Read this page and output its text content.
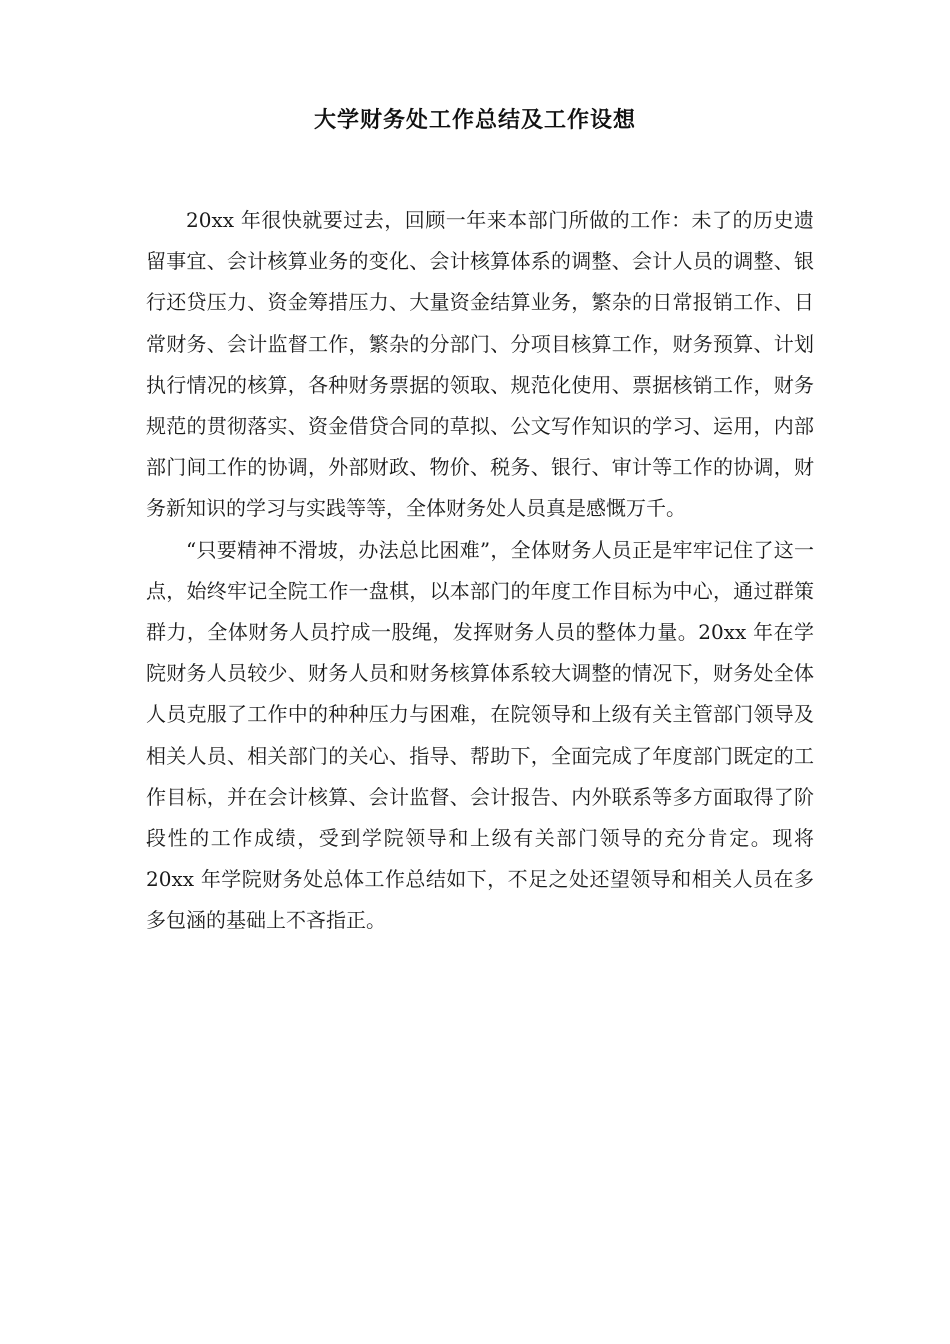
大学财务处工作总结及工作设想

20xx 年很快就要过去，回顾一年来本部门所做的工作：未了的历史遗留事宜、会计核算业务的变化、会计核算体系的调整、会计人员的调整、银行还贷压力、资金筹措压力、大量资金结算业务，繁杂的日常报销工作、日常财务、会计监督工作，繁杂的分部门、分项目核算工作，财务预算、计划执行情况的核算，各种财务票据的领取、规范化使用、票据核销工作，财务规范的贯彻落实、资金借贷合同的草拟、公文写作知识的学习、运用，内部部门间工作的协调，外部财政、物价、税务、银行、审计等工作的协调，财务新知识的学习与实践等等，全体财务处人员真是感慨万千。

“只要精神不滑坡，办法总比困难”，全体财务人员正是牢牢记住了这一点，始终牢记全院工作一盘棋，以本部门的年度工作目标为中心，通过群策群力，全体财务人员拧成一股绳，发挥财务人员的整体力量。20xx 年在学院财务人员较少、财务人员和财务核算体系较大调整的情况下，财务处全体人员克服了工作中的种种压力与困难，在院领导和上级有关主管部门领导及相关人员、相关部门的关心、指导、帮助下，全面完成了年度部门既定的工作目标，并在会计核算、会计监督、会计报告、内外联系等多方面取得了阶段性的工作成绩，受到学院领导和上级有关部门领导的充分肯定。现将 20xx 年学院财务处总体工作总结如下，不足之处还望领导和相关人员在多多包涵的基础上不吝指正。
